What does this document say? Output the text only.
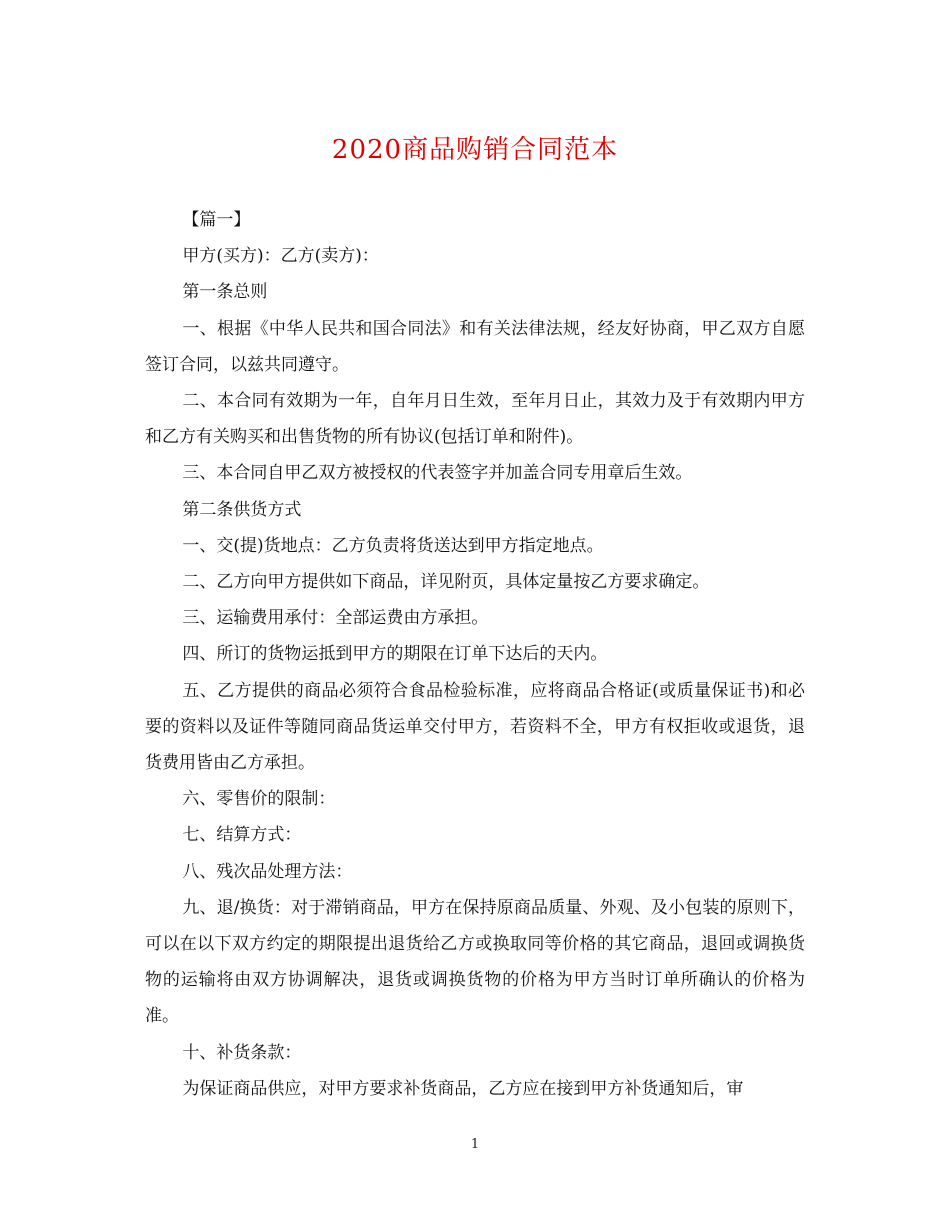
2020商品购销合同范本

【篇一】

甲方(买方)：乙方(卖方)：

第一条总则

一、根据《中华人民共和国合同法》和有关法律法规，经友好协商，甲乙双方自愿签订合同，以兹共同遵守。

二、本合同有效期为一年，自年月日生效，至年月日止，其效力及于有效期内甲方和乙方有关购买和出售货物的所有协议(包括订单和附件)。

三、本合同自甲乙双方被授权的代表签字并加盖合同专用章后生效。

第二条供货方式

一、交(提)货地点：乙方负责将货送达到甲方指定地点。

二、乙方向甲方提供如下商品，详见附页，具体定量按乙方要求确定。

三、运输费用承付：全部运费由方承担。

四、所订的货物运抵到甲方的期限在订单下达后的天内。

五、乙方提供的商品必须符合食品检验标准，应将商品合格证(或质量保证书)和必要的资料以及证件等随同商品货运单交付甲方，若资料不全，甲方有权拒收或退货，退货费用皆由乙方承担。

六、零售价的限制：

七、结算方式：

八、残次品处理方法：

九、退/换货：对于滞销商品，甲方在保持原商品质量、外观、及小包装的原则下，可以在以下双方约定的期限提出退货给乙方或换取同等价格的其它商品，退回或调换货物的运输将由双方协调解决，退货或调换货物的价格为甲方当时订单所确认的价格为准。

十、补货条款：

为保证商品供应，对甲方要求补货商品，乙方应在接到甲方补货通知后，审

1
